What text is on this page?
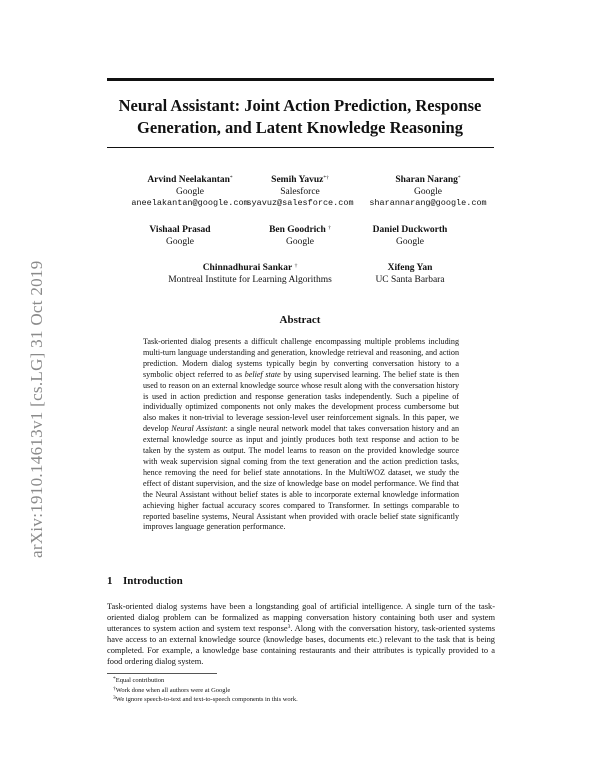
arXiv:1910.14613v1 [cs.LG] 31 Oct 2019
Neural Assistant: Joint Action Prediction, Response Generation, and Latent Knowledge Reasoning
Arvind Neelakantan*
Google
aneelakantan@google.com
Semih Yavuz*†
Salesforce
syavuz@salesforce.com
Sharan Narang*
Google
sharannarang@google.com
Vishaal Prasad
Google
Ben Goodrich †
Google
Daniel Duckworth
Google
Chinnadhurai Sankar †
Montreal Institute for Learning Algorithms
Xifeng Yan
UC Santa Barbara
Abstract
Task-oriented dialog presents a difficult challenge encompassing multiple problems including multi-turn language understanding and generation, knowledge retrieval and reasoning, and action prediction. Modern dialog systems typically begin by converting conversation history to a symbolic object referred to as belief state by using supervised learning. The belief state is then used to reason on an external knowledge source whose result along with the conversation history is used in action prediction and response generation tasks independently. Such a pipeline of individually optimized components not only makes the development process cumbersome but also makes it non-trivial to leverage session-level user reinforcement signals. In this paper, we develop Neural Assistant: a single neural network model that takes conversation history and an external knowledge source as input and jointly produces both text response and action to be taken by the system as output. The model learns to reason on the provided knowledge source with weak supervision signal coming from the text generation and the action prediction tasks, hence removing the need for belief state annotations. In the MultiWOZ dataset, we study the effect of distant supervision, and the size of knowledge base on model performance. We find that the Neural Assistant without belief states is able to incorporate external knowledge information achieving higher factual accuracy scores compared to Transformer. In settings comparable to reported baseline systems, Neural Assistant when provided with oracle belief state significantly improves language generation performance.
1 Introduction
Task-oriented dialog systems have been a longstanding goal of artificial intelligence. A single turn of the task-oriented dialog problem can be formalized as mapping conversation history containing both user and system utterances to system action and system text response$^3$. Along with the conversation history, task-oriented systems have access to an external knowledge source (knowledge bases, documents etc.) relevant to the task that is being completed. For example, a knowledge base containing restaurants and their attributes is typically provided to a food ordering dialog system.
*Equal contribution
†Work done when all authors were at Google
$^3$We ignore speech-to-text and text-to-speech components in this work.
